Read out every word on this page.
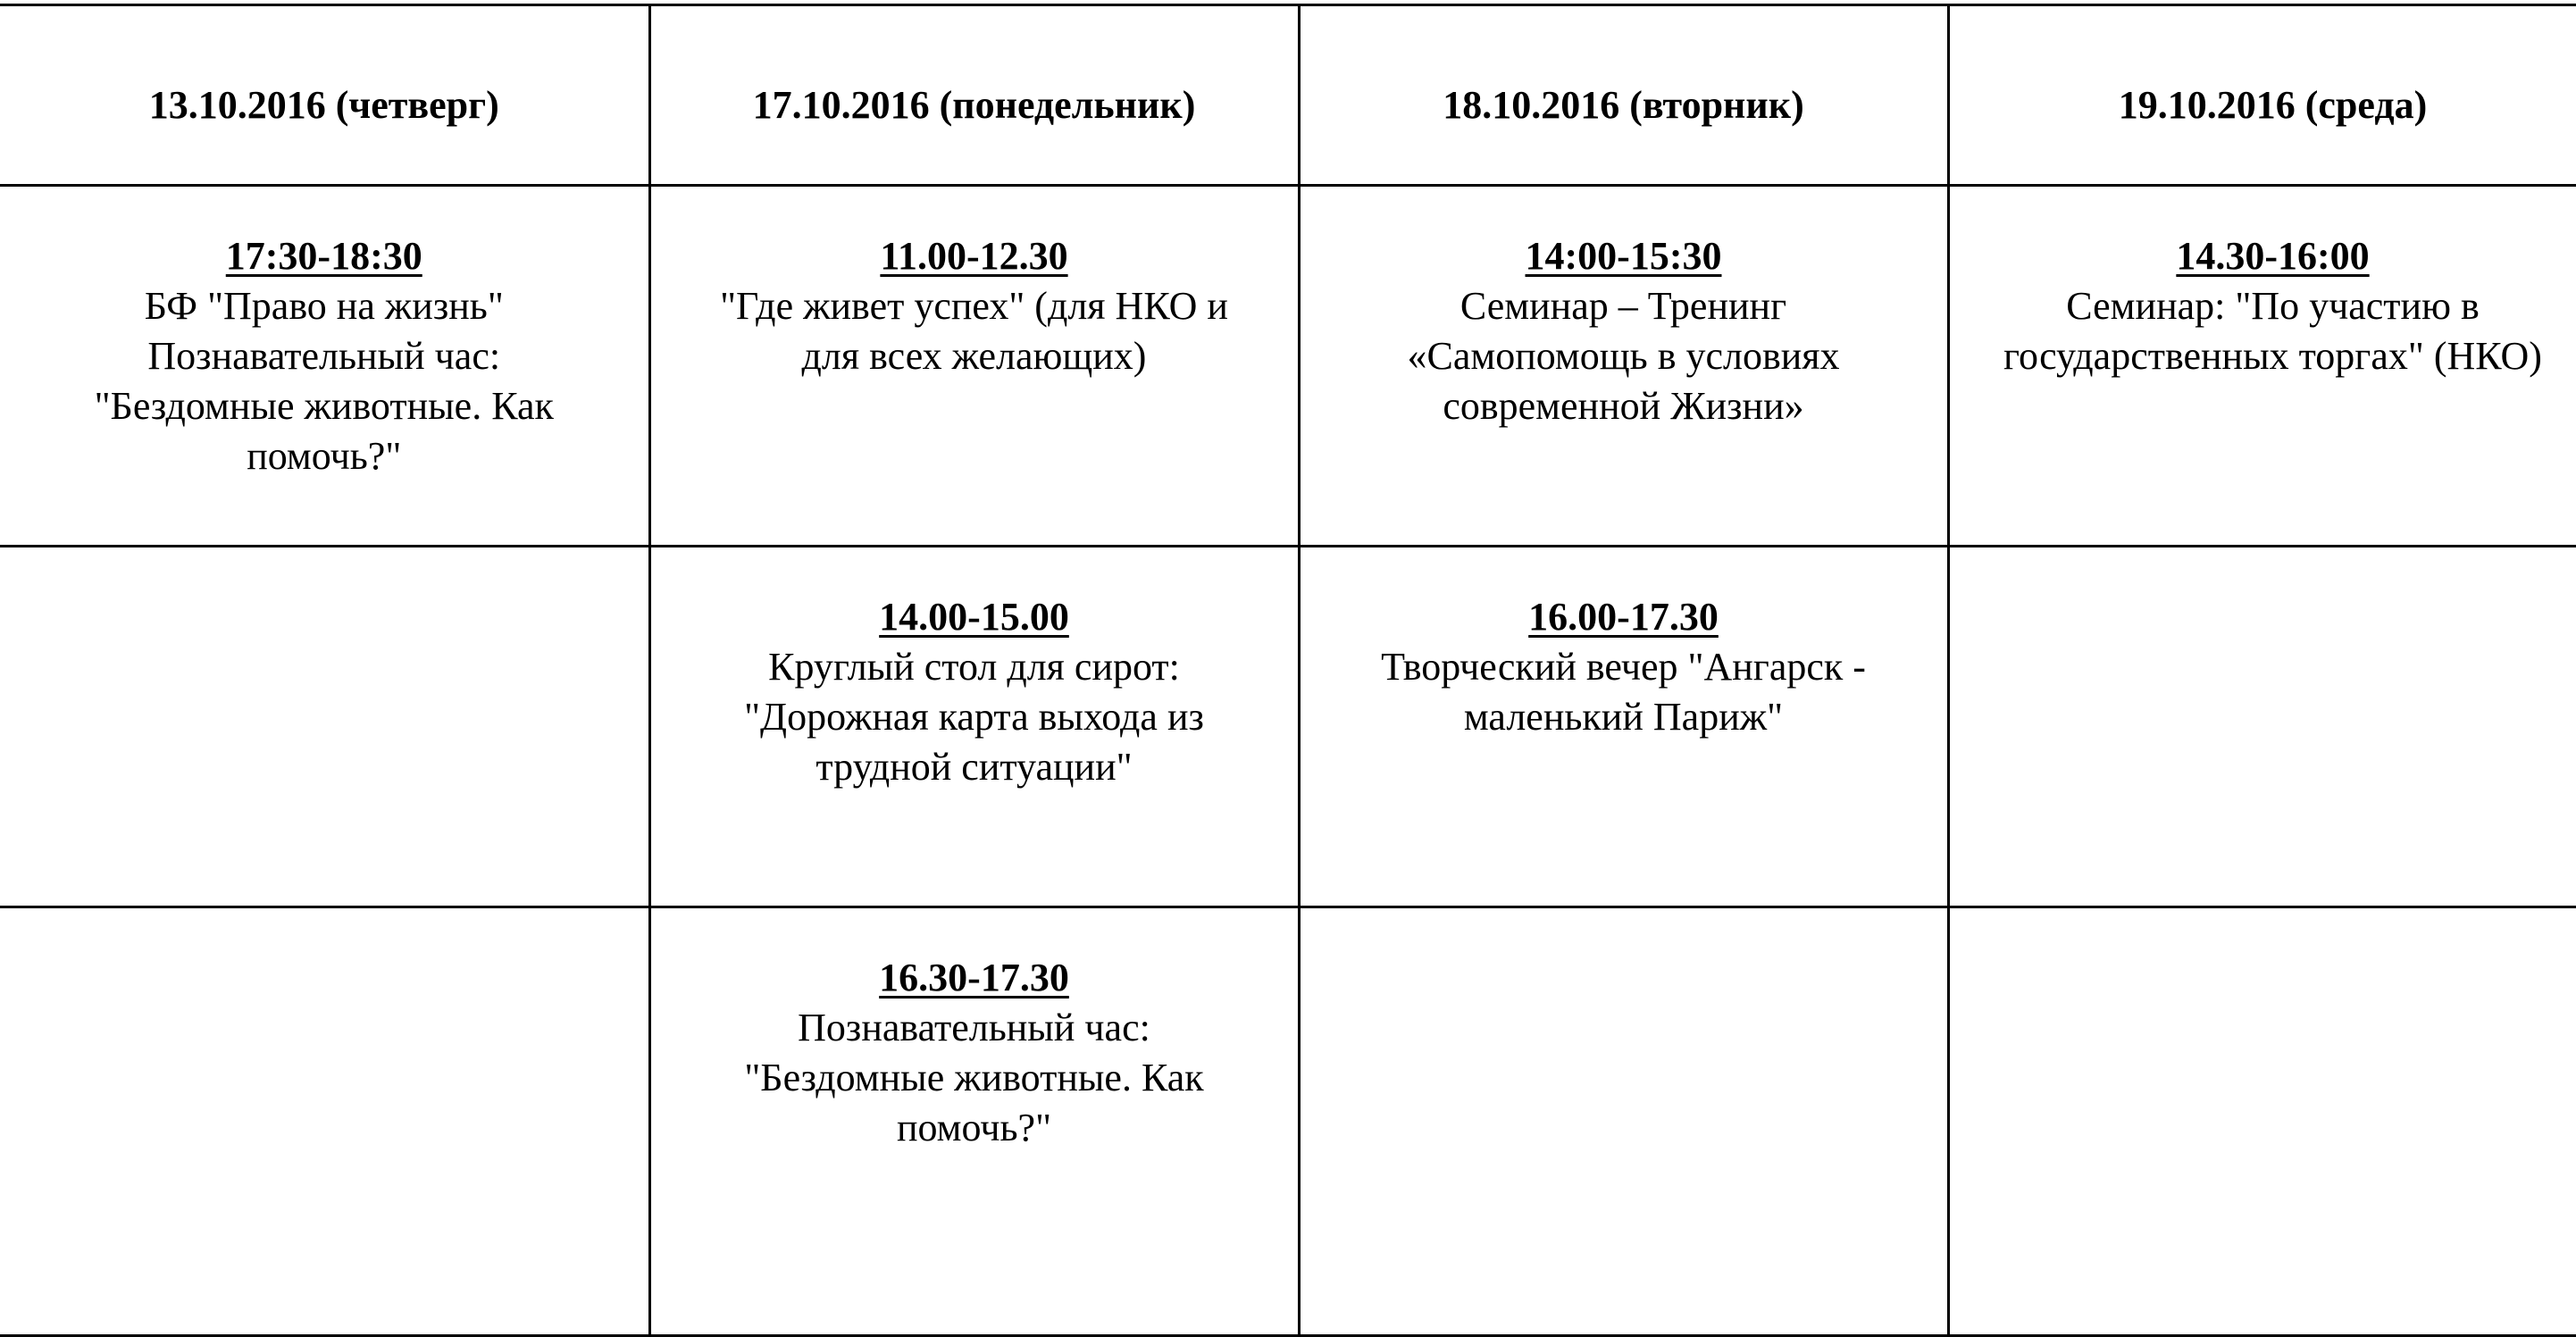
13.10.2016 (четверг)	17.10.2016 (понедельник)	18.10.2016 (вторник)	19.10.2016 (среда)

17:30-18:30
БФ "Право на жизнь"
Познавательный час:
"Бездомные животные. Как
помочь?"	11.00-12.30
"Где живет успех" (для НКО и
для всех желающих)	14:00-15:30
Семинар – Тренинг
«Самопомощь в условиях
современной Жизни»	14.30-16:00
Семинар: "По участию в
государственных торгах" (НКО)

	14.00-15.00
Круглый стол для сирот:
"Дорожная карта выхода из
трудной ситуации"	16.00-17.30
Творческий вечер "Ангарск -
маленький Париж"	

	16.30-17.30
Познавательный час:
"Бездомные животные. Как
помочь?"		
